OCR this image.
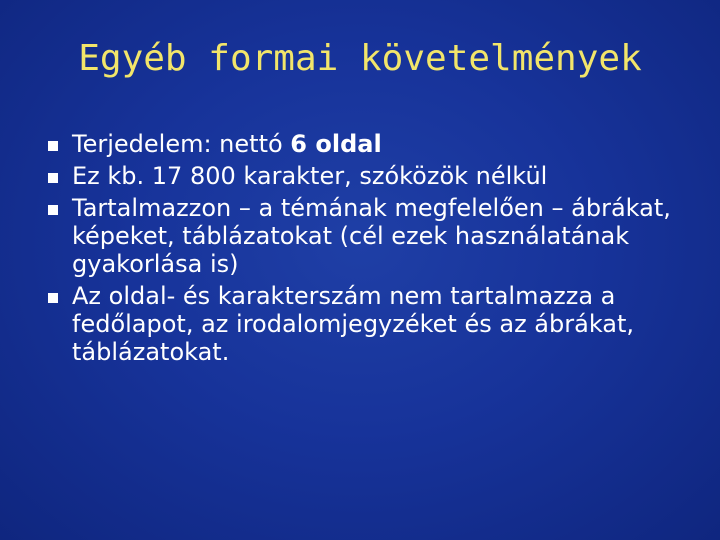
Egyéb formai követelmények
Terjedelem: nettó 6 oldal
Ez kb. 17 800 karakter, szóközök nélkül
Tartalmazzon – a témának megfelelően – ábrákat, képeket, táblázatokat (cél ezek használatának gyakorlása is)
Az oldal- és karakterszám nem tartalmazza a fedőlapot, az irodalomjegyzéket és az ábrákat, táblázatokat.
